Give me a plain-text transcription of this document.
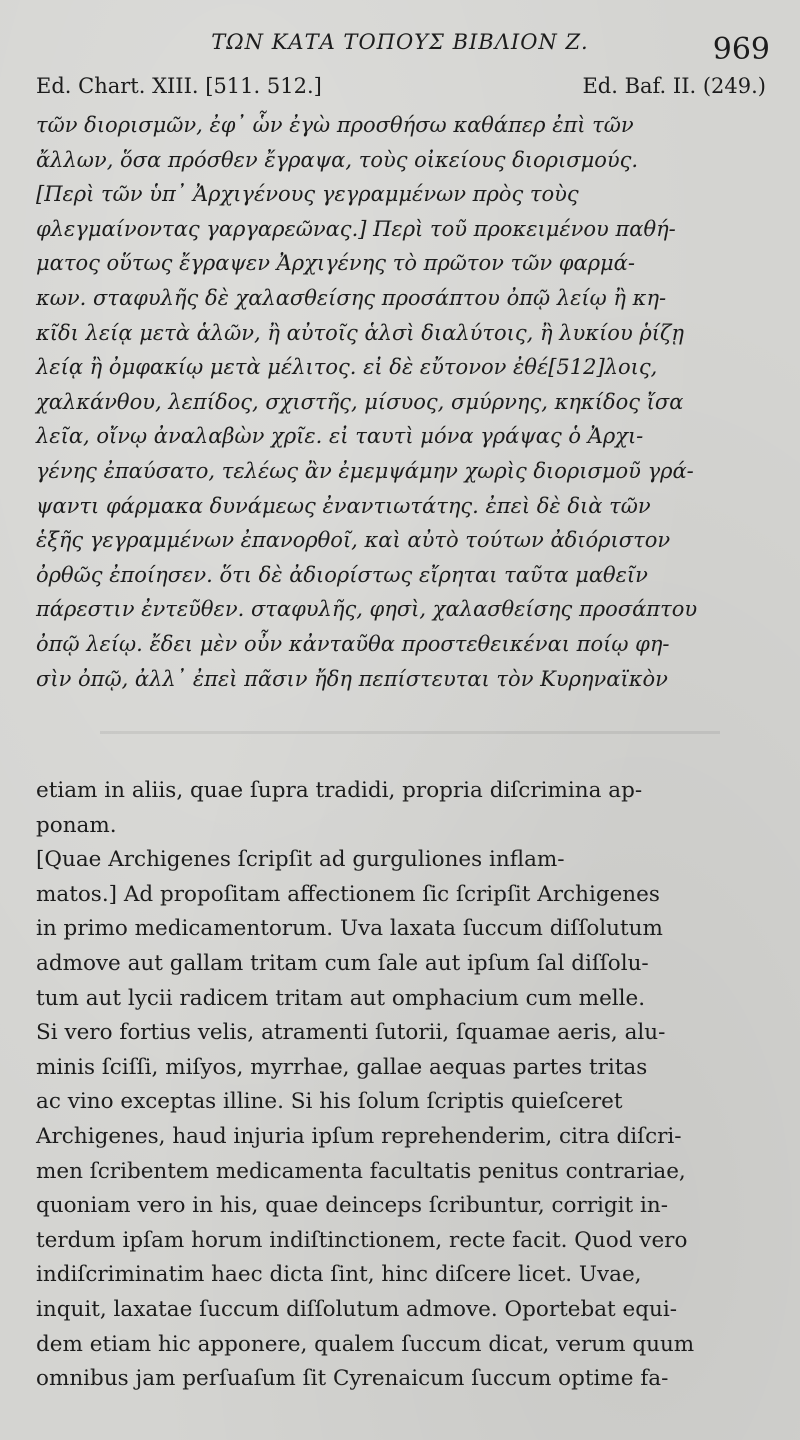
ΤΩΝ ΚΑΤΑ ΤΟΠΟΥΣ ΒΙΒΛΙΟΝ Ζ.	969
Ed. Chart. XIII. [511. 512.]	Ed. Baf. II. (249.)
τῶν διορισμῶν, ἐφ᾽ ὧν ἐγὼ προσθήσω καθάπερ ἐπὶ τῶν
ἄλλων, ὅσα πρόσθεν ἔγραψα, τοὺς οἰκείους διορισμούς.
[Περὶ τῶν ὑπ᾽ Ἀρχιγένους γεγραμμένων πρὸς τοὺς
φλεγμαίνοντας γαργαρεῶνας.] Περὶ τοῦ προκειμένου παθή-
ματος οὕτως ἔγραψεν Ἀρχιγένης τὸ πρῶτον τῶν φαρμά-
κων. σταφυλῆς δὲ χαλασθείσης προσάπτου ὀπῷ λείῳ ἢ κη-
κῖδι λείᾳ μετὰ ἁλῶν, ἢ αὐτοῖς ἁλσὶ διαλύτοις, ἢ λυκίου ῥίζῃ
λείᾳ ἢ ὀμφακίῳ μετὰ μέλιτος. εἰ δὲ εὔτονον ἐθέ[512]λοις,
χαλκάνθου, λεπίδος, σχιστῆς, μίσυος, σμύρνης, κηκίδος ἴσα
λεῖα, οἴνῳ ἀναλαβὼν χρῖε. εἰ ταυτὶ μόνα γράψας ὁ Ἀρχι-
γένης ἐπαύσατο, τελέως ἂν ἐμεμψάμην χωρὶς διορισμοῦ γρά-
ψαντι φάρμακα δυνάμεως ἐναντιωτάτης. ἐπεὶ δὲ διὰ τῶν
ἑξῆς γεγραμμένων ἐπανορθοῖ, καὶ αὐτὸ τούτων ἀδιόριστον
ὀρθῶς ἐποίησεν. ὅτι δὲ ἀδιορίστως εἴρηται ταῦτα μαθεῖν
πάρεστιν ἐντεῦθεν. σταφυλῆς, φησὶ, χαλασθείσης προσάπτου
ὀπῷ λείῳ. ἔδει μὲν οὖν κἀνταῦθα προστεθεικέναι ποίῳ φη-
σὶν ὀπῷ, ἀλλ᾽ ἐπεὶ πᾶσιν ἤδη πεπίστευται τὸν Κυρηναϊκὸν
etiam in aliis, quae ſupra tradidi, propria diſcrimina ap-
ponam.
[Quae Archigenes ſcripſit ad gurguliones inflam-
matos.] Ad propoſitam affectionem ſic ſcripſit Archigenes
in primo medicamentorum. Uva laxata ſuccum diſſolutum
admove aut gallam tritam cum ſale aut ipſum ſal diſſolu-
tum aut lycii radicem tritam aut omphacium cum melle.
Si vero fortius velis, atramenti ſutorii, ſquamae aeris, alu-
minis ſciſſi, miſyos, myrrhae, gallae aequas partes tritas
ac vino exceptas illine. Si his ſolum ſcriptis quieſceret
Archigenes, haud injuria ipſum reprehenderim, citra diſcri-
men ſcribentem medicamenta facultatis penitus contrariae,
quoniam vero in his, quae deinceps ſcribuntur, corrigit in-
terdum ipſam horum indiſtinctionem, recte facit. Quod vero
indiſcriminatim haec dicta ſint, hinc diſcere licet. Uvae,
inquit, laxatae ſuccum diſſolutum admove. Oportebat equi-
dem etiam hic apponere, qualem ſuccum dicat, verum quum
omnibus jam perſuaſum ſit Cyrenaicum ſuccum optime fa-
